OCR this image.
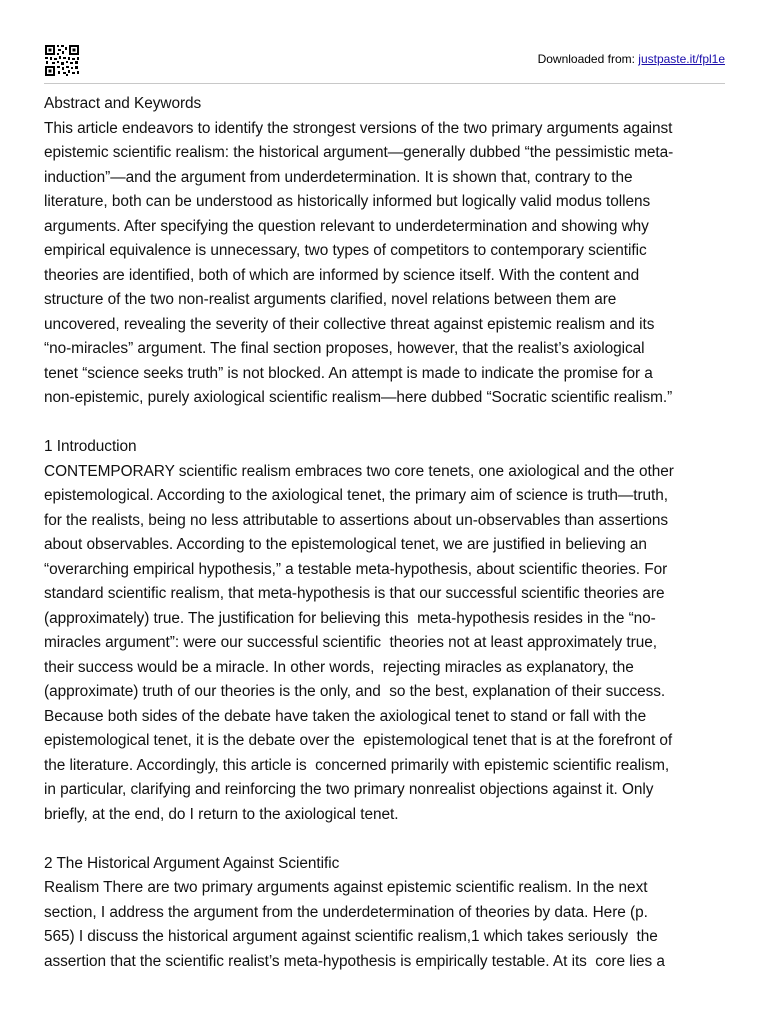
Downloaded from: justpaste.it/fpl1e
Abstract and Keywords
This article endeavors to identify the strongest versions of the two primary arguments against
epistemic scientific realism: the historical argument—generally dubbed “the pessimistic meta-
induction”—and the argument from underdetermination. It is shown that, contrary to the
literature, both can be understood as historically informed but logically valid modus tollens
arguments. After specifying the question relevant to underdetermination and showing why
empirical equivalence is unnecessary, two types of competitors to contemporary scientific
theories are identified, both of which are informed by science itself. With the content and
structure of the two non-realist arguments clarified, novel relations between them are
uncovered, revealing the severity of their collective threat against epistemic realism and its
“no-miracles” argument. The final section proposes, however, that the realist’s axiological
tenet “science seeks truth” is not blocked. An attempt is made to indicate the promise for a
non-epistemic, purely axiological scientific realism—here dubbed “Socratic scientific realism.”
1 Introduction
CONTEMPORARY scientific realism embraces two core tenets, one axiological and the other
epistemological. According to the axiological tenet, the primary aim of science is truth—truth,
for the realists, being no less attributable to assertions about un-observables than assertions
about observables. According to the epistemological tenet, we are justified in believing an
“overarching empirical hypothesis,” a testable meta-hypothesis, about scientific theories. For
standard scientific realism, that meta-hypothesis is that our successful scientific theories are
(approximately) true. The justification for believing this  meta-hypothesis resides in the “no-
miracles argument”: were our successful scientific  theories not at least approximately true,
their success would be a miracle. In other words,  rejecting miracles as explanatory, the
(approximate) truth of our theories is the only, and  so the best, explanation of their success.
Because both sides of the debate have taken the axiological tenet to stand or fall with the
epistemological tenet, it is the debate over the  epistemological tenet that is at the forefront of
the literature. Accordingly, this article is  concerned primarily with epistemic scientific realism,
in particular, clarifying and reinforcing the two primary nonrealist objections against it. Only
briefly, at the end, do I return to the axiological tenet.
2 The Historical Argument Against Scientific
Realism There are two primary arguments against epistemic scientific realism. In the next
section, I address the argument from the underdetermination of theories by data. Here (p.
565) I discuss the historical argument against scientific realism,1 which takes seriously  the
assertion that the scientific realist’s meta-hypothesis is empirically testable. At its  core lies a
